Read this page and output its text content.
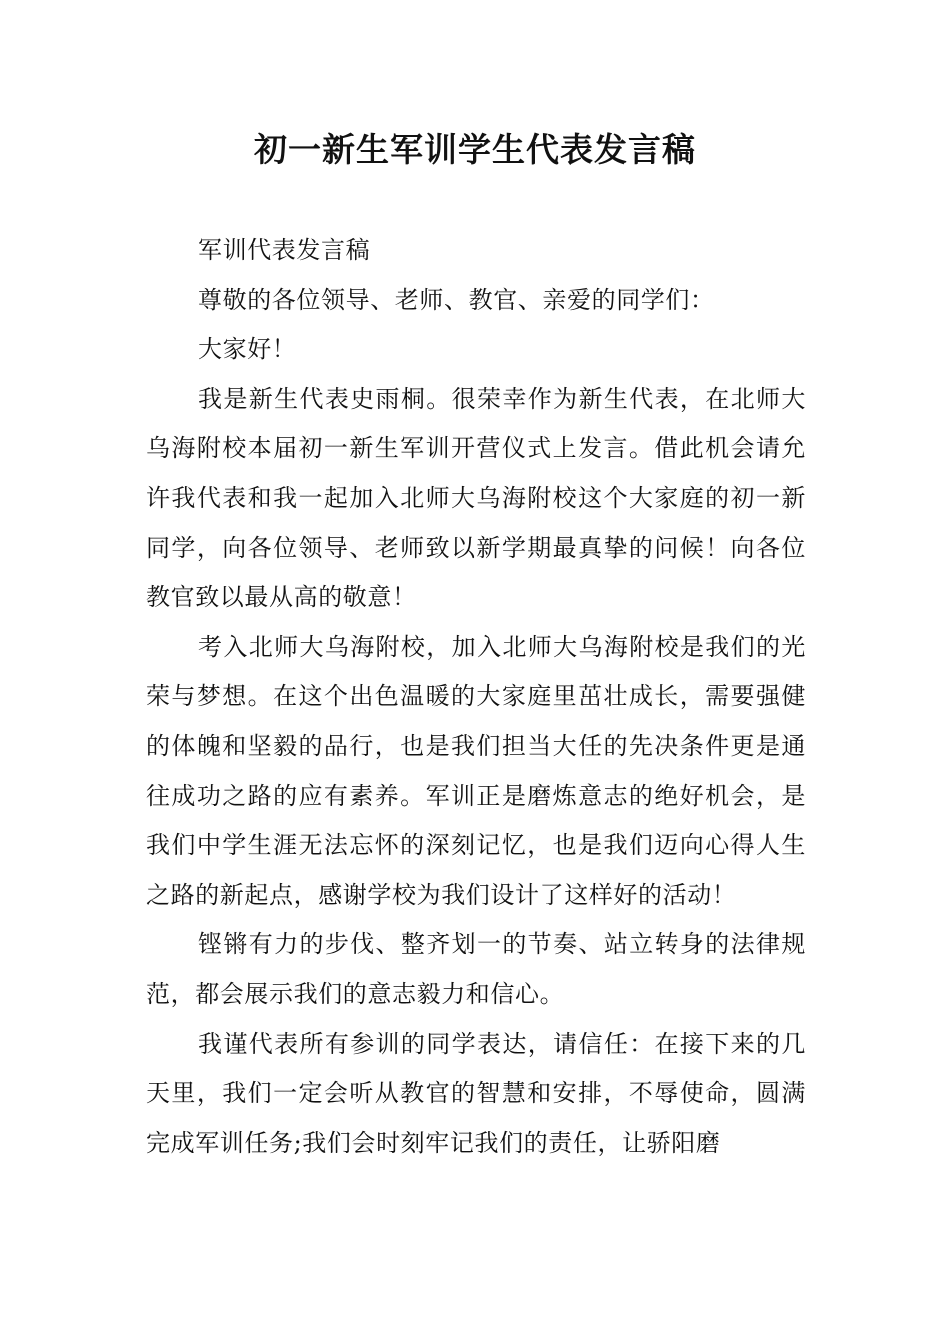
初一新生军训学生代表发言稿

军训代表发言稿

尊敬的各位领导、老师、教官、亲爱的同学们：

大家好！

我是新生代表史雨桐。很荣幸作为新生代表，在北师大乌海附校本届初一新生军训开营仪式上发言。借此机会请允许我代表和我一起加入北师大乌海附校这个大家庭的初一新同学，向各位领导、老师致以新学期最真挚的问候！向各位教官致以最从高的敬意！

考入北师大乌海附校，加入北师大乌海附校是我们的光荣与梦想。在这个出色温暖的大家庭里茁壮成长，需要强健的体魄和坚毅的品行，也是我们担当大任的先决条件更是通往成功之路的应有素养。军训正是磨炼意志的绝好机会，是我们中学生涯无法忘怀的深刻记忆，也是我们迈向心得人生之路的新起点，感谢学校为我们设计了这样好的活动！

铿锵有力的步伐、整齐划一的节奏、站立转身的法律规范，都会展示我们的意志毅力和信心。

我谨代表所有参训的同学表达，请信任：在接下来的几天里，我们一定会听从教官的智慧和安排，不辱使命，圆满完成军训任务;我们会时刻牢记我们的责任，让骄阳磨
